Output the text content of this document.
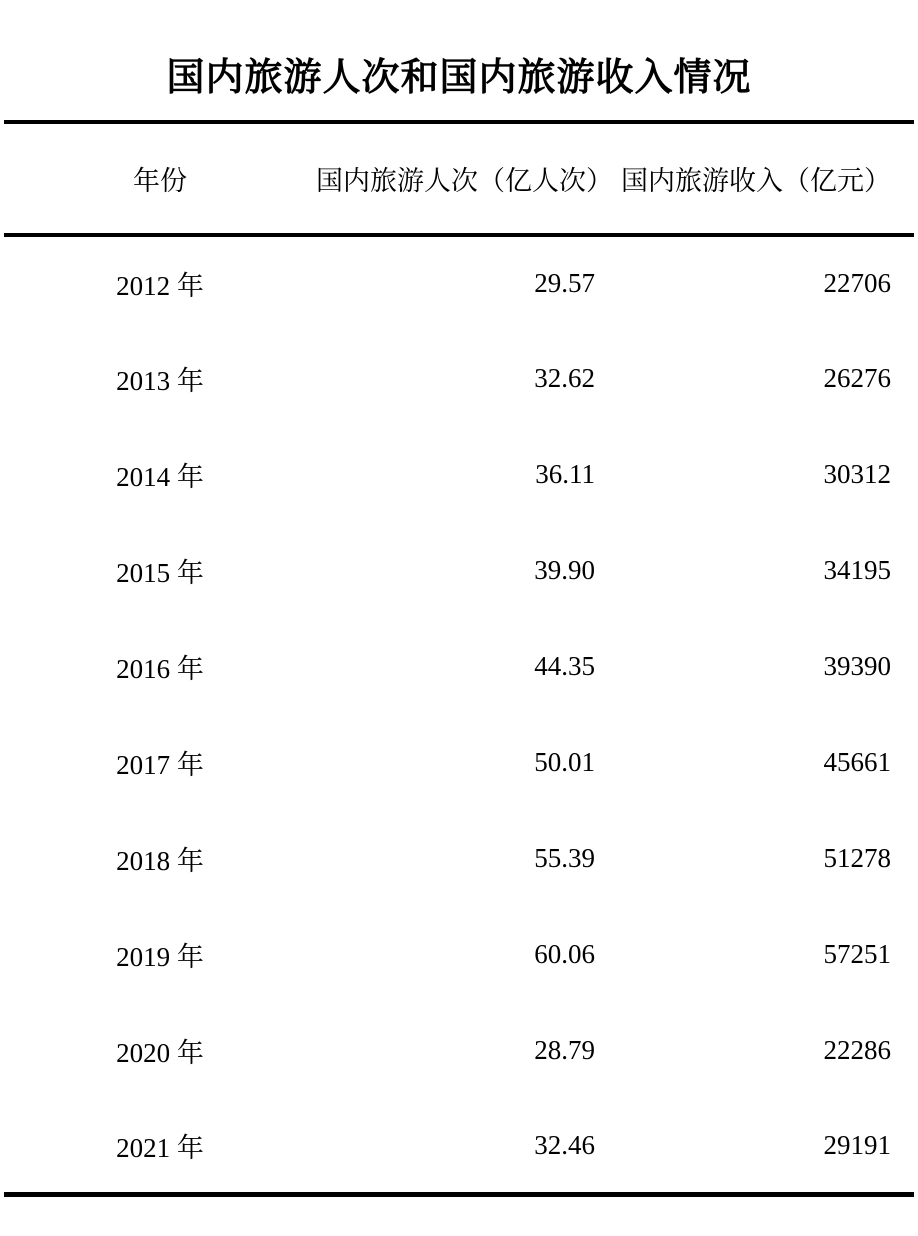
国内旅游人次和国内旅游收入情况
年份	国内旅游人次（亿人次）	国内旅游收入（亿元）
2012 年	29.57	22706
2013 年	32.62	26276
2014 年	36.11	30312
2015 年	39.90	34195
2016 年	44.35	39390
2017 年	50.01	45661
2018 年	55.39	51278
2019 年	60.06	57251
2020 年	28.79	22286
2021 年	32.46	29191
